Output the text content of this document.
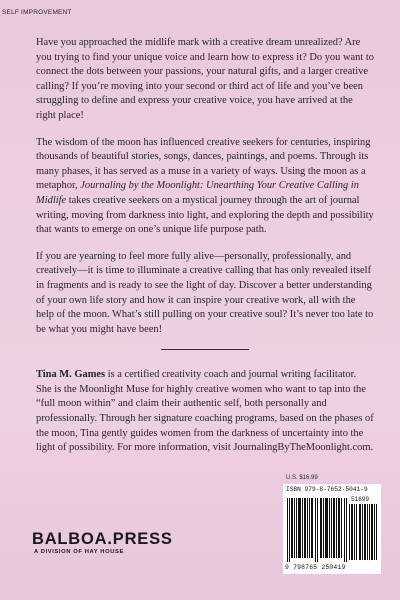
SELF IMPROVEMENT

Have you approached the midlife mark with a creative dream unrealized? Are you trying to find your unique voice and learn how to express it? Do you want to connect the dots between your passions, your natural gifts, and a larger creative calling? If you’re moving into your second or third act of life and you’ve been struggling to define and express your creative voice, you have arrived at the right place!

The wisdom of the moon has influenced creative seekers for centuries, inspiring thousands of beautiful stories, songs, dances, paintings, and poems. Through its many phases, it has served as a muse in a variety of ways. Using the moon as a metaphor, Journaling by the Moonlight: Unearthing Your Creative Calling in Midlife takes creative seekers on a mystical journey through the art of journal writing, moving from darkness into light, and exploring the depth and possibility that wants to emerge on one’s unique life purpose path.

If you are yearning to feel more fully alive—personally, professionally, and creatively—it is time to illuminate a creative calling that has only revealed itself in fragments and is ready to see the light of day. Discover a better understanding of your own life story and how it can inspire your creative work, all with the help of the moon. What’s still pulling on your creative soul? It’s never too late to be what you might have been!

Tina M. Games is a certified creativity coach and journal writing facilitator. She is the Moonlight Muse for highly creative women who want to tap into the “full moon within” and claim their authentic self, both personally and professionally. Through her signature coaching programs, based on the phases of the moon, Tina gently guides women from the darkness of uncertainty into the light of possibility. For more information, visit JournalingByTheMoonlight.com.

U.S. $16.99
ISBN 979-8-7652-5041-9
51699
9 798765 250419
BALBOA.PRESS
A DIVISION OF HAY HOUSE
